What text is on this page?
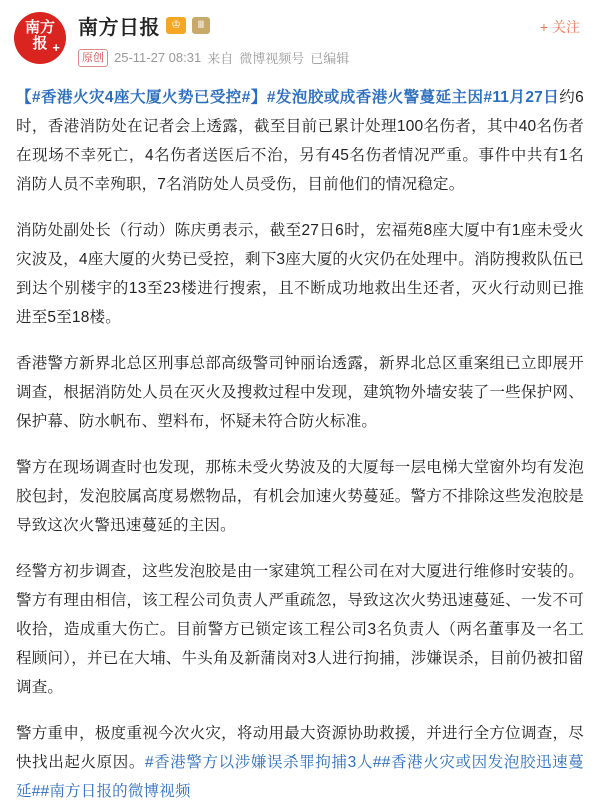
南方
报 +
南方日报	♔	Ⅲ
原创 25-11-27 08:31 来自 微博视频号 已编辑
+ 关注

【#香港火灾4座大厦火势已受控#】#发泡胶或成香港火警蔓延主因#11月27日约6时，香港消防处在记者会上透露，截至目前已累计处理100名伤者，其中40名伤者在现场不幸死亡，4名伤者送医后不治，另有45名伤者情况严重。事件中共有1名消防人员不幸殉职，7名消防处人员受伤，目前他们的情况稳定。

消防处副处长（行动）陈庆勇表示，截至27日6时，宏福苑8座大厦中有1座未受火灾波及，4座大厦的火势已受控，剩下3座大厦的火灾仍在处理中。消防搜救队伍已到达个别楼宇的13至23楼进行搜索，且不断成功地救出生还者，灭火行动则已推进至5至18楼。

香港警方新界北总区刑事总部高级警司钟丽诒透露，新界北总区重案组已立即展开调查，根据消防处人员在灭火及搜救过程中发现，建筑物外墙安装了一些保护网、保护幕、防水帆布、塑料布，怀疑未符合防火标准。

警方在现场调查时也发现，那栋未受火势波及的大厦每一层电梯大堂窗外均有发泡胶包封，发泡胶属高度易燃物品，有机会加速火势蔓延。警方不排除这些发泡胶是导致这次火警迅速蔓延的主因。

经警方初步调查，这些发泡胶是由一家建筑工程公司在对大厦进行维修时安装的。警方有理由相信，该工程公司负责人严重疏忽，导致这次火势迅速蔓延、一发不可收拾，造成重大伤亡。目前警方已锁定该工程公司3名负责人（两名董事及一名工程顾问），并已在大埔、牛头角及新蒲岗对3人进行拘捕，涉嫌误杀，目前仍被扣留调查。

警方重申，极度重视今次火灾，将动用最大资源协助救援，并进行全方位调查，尽快找出起火原因。#香港警方以涉嫌误杀罪拘捕3人##香港火灾或因发泡胶迅速蔓延##南方日报的微博视频
